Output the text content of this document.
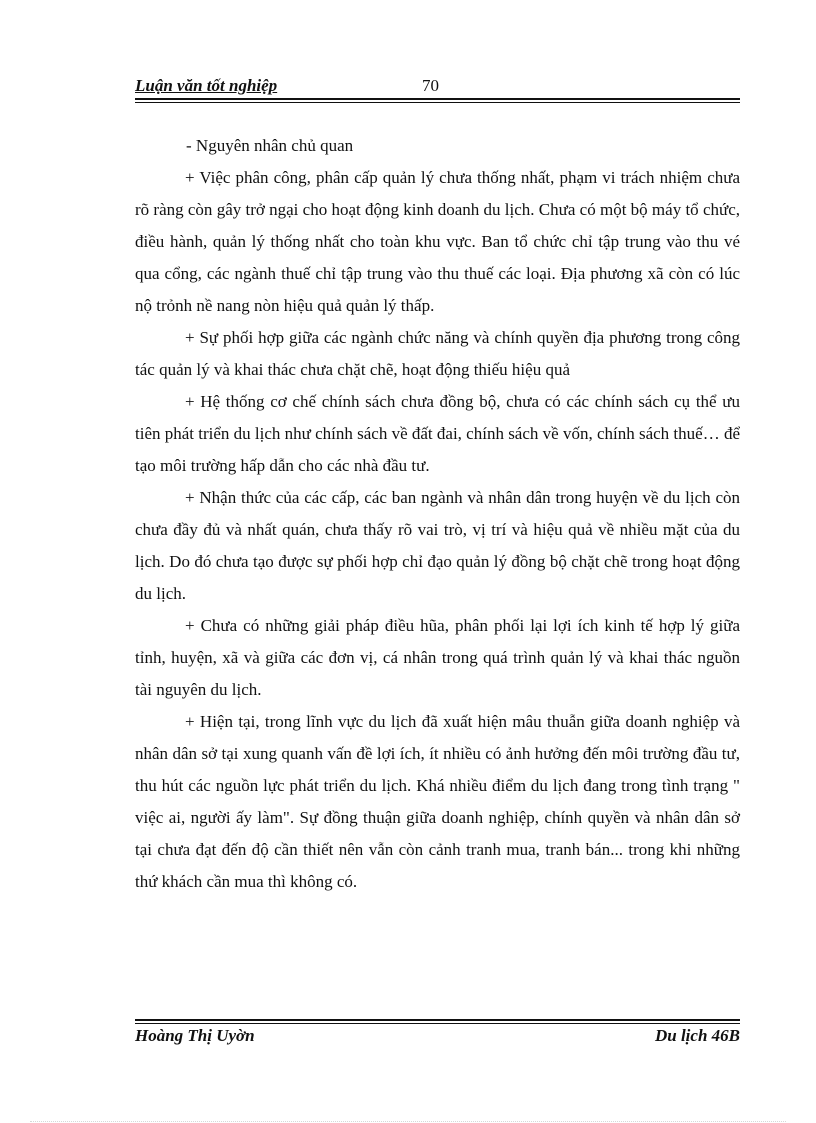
Luận văn tốt nghiệp	70

- Nguyên nhân chủ quan

+ Việc phân công, phân cấp quản lý chưa thống nhất, phạm vi trách nhiệm chưa rõ ràng còn gây trở ngại cho hoạt động kinh doanh du lịch. Chưa có một bộ máy tổ chức, điều hành, quản lý thống nhất cho toàn khu vực. Ban tổ chức chỉ tập trung vào thu vé qua cổng, các ngành thuế chỉ tập trung vào thu thuế các loại. Địa phương xã còn có lúc nộ trỏnh nề nang nòn hiệu quả quản lý thấp.

+ Sự phối hợp giữa các ngành chức năng và chính quyền địa phương trong công tác quản lý và khai thác chưa chặt chẽ, hoạt động thiếu hiệu quả

+ Hệ thống cơ chế chính sách chưa đồng bộ, chưa có các chính sách cụ thể ưu tiên phát triển du lịch như chính sách về đất đai, chính sách về vốn, chính sách thuế… để tạo môi trường hấp dẫn cho các nhà đầu tư.

+ Nhận thức của các cấp, các ban ngành và nhân dân trong huyện về du lịch còn chưa đầy đủ và nhất quán, chưa thấy rõ vai trò, vị trí và hiệu quả về nhiều mặt của du lịch. Do đó chưa tạo được sự phối hợp chỉ đạo quản lý đồng bộ chặt chẽ trong hoạt động du lịch.

+ Chưa có những giải pháp điều hũa, phân phối lại lợi ích kinh tế hợp lý giữa tỉnh, huyện, xã và giữa các đơn vị, cá nhân trong quá trình quản lý và khai thác nguồn tài nguyên du lịch.

+ Hiện tại, trong lĩnh vực du lịch đã xuất hiện mâu thuẫn giữa doanh nghiệp và nhân dân sở tại xung quanh vấn đề lợi ích, ít nhiều có ảnh hưởng đến môi trường đầu tư, thu hút các nguồn lực phát triển du lịch. Khá nhiều điểm du lịch đang trong tình trạng " việc ai, người ấy làm". Sự đồng thuận giữa doanh nghiệp, chính quyền và nhân dân sở tại chưa đạt đến độ cần thiết nên vẫn còn cảnh tranh mua, tranh bán... trong khi những thứ khách cần mua thì không có.

Hoàng Thị Uyờn	Du lịch 46B
